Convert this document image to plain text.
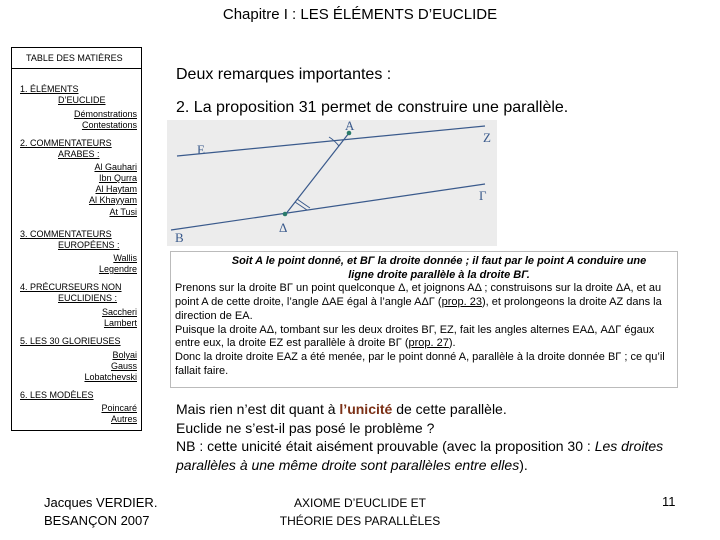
Chapitre I : LES ÉLÉMENTS D’EUCLIDE
TABLE DES MATIÈRES
1. ÉLÉMENTS
D’EUCLIDE
Démonstrations
Contestations
2. COMMENTATEURS
ARABES :
Al Gauhari
Ibn Qurra
Al Haytam
Al Khayyam
At Tusi
3. COMMENTATEURS
EUROPÉENS :
Wallis
Legendre
4. PRÉCURSEURS NON
EUCLIDIENS :
Saccheri
Lambert
5. LES 30 GLORIEUSES
Bolyai
Gauss
Lobatchevski
6. LES MODÈLES
Poincaré
Autres
Deux remarques importantes :
2. La proposition 31 permet de construire une parallèle.
A
E
Z
B
Γ
Δ

Soit A le point donné, et BΓ la droite donnée ; il faut par le point A conduire une
ligne droite parallèle à la droite BΓ.

Prenons sur la droite BΓ un point quelconque Δ, et joignons AΔ ; construisons sur la droite ΔA, et au point A de cette droite, l’angle ΔAE égal à l’angle AΔΓ (prop. 23), et prolongeons la droite AZ dans la direction de EA.

Puisque la droite AΔ, tombant sur les deux droites BΓ, EZ, fait les angles alternes EAΔ, AΔΓ égaux entre eux, la droite EZ est parallèle à droite BΓ (prop. 27).

Donc la droite droite EAZ a été menée, par le point donné A, parallèle à la droite donnée BΓ ; ce qu’il fallait faire.

Mais rien n’est dit quant à l’unicité de cette parallèle.
Euclide ne s’est-il pas posé le problème ?
NB : cette unicité était aisément prouvable (avec la proposition 30 : Les droites parallèles à une même droite sont parallèles entre elles).
Jacques VERDIER.
BESANÇON 2007
AXIOME D’EUCLIDE ET
THÉORIE DES PARALLÈLES
11
